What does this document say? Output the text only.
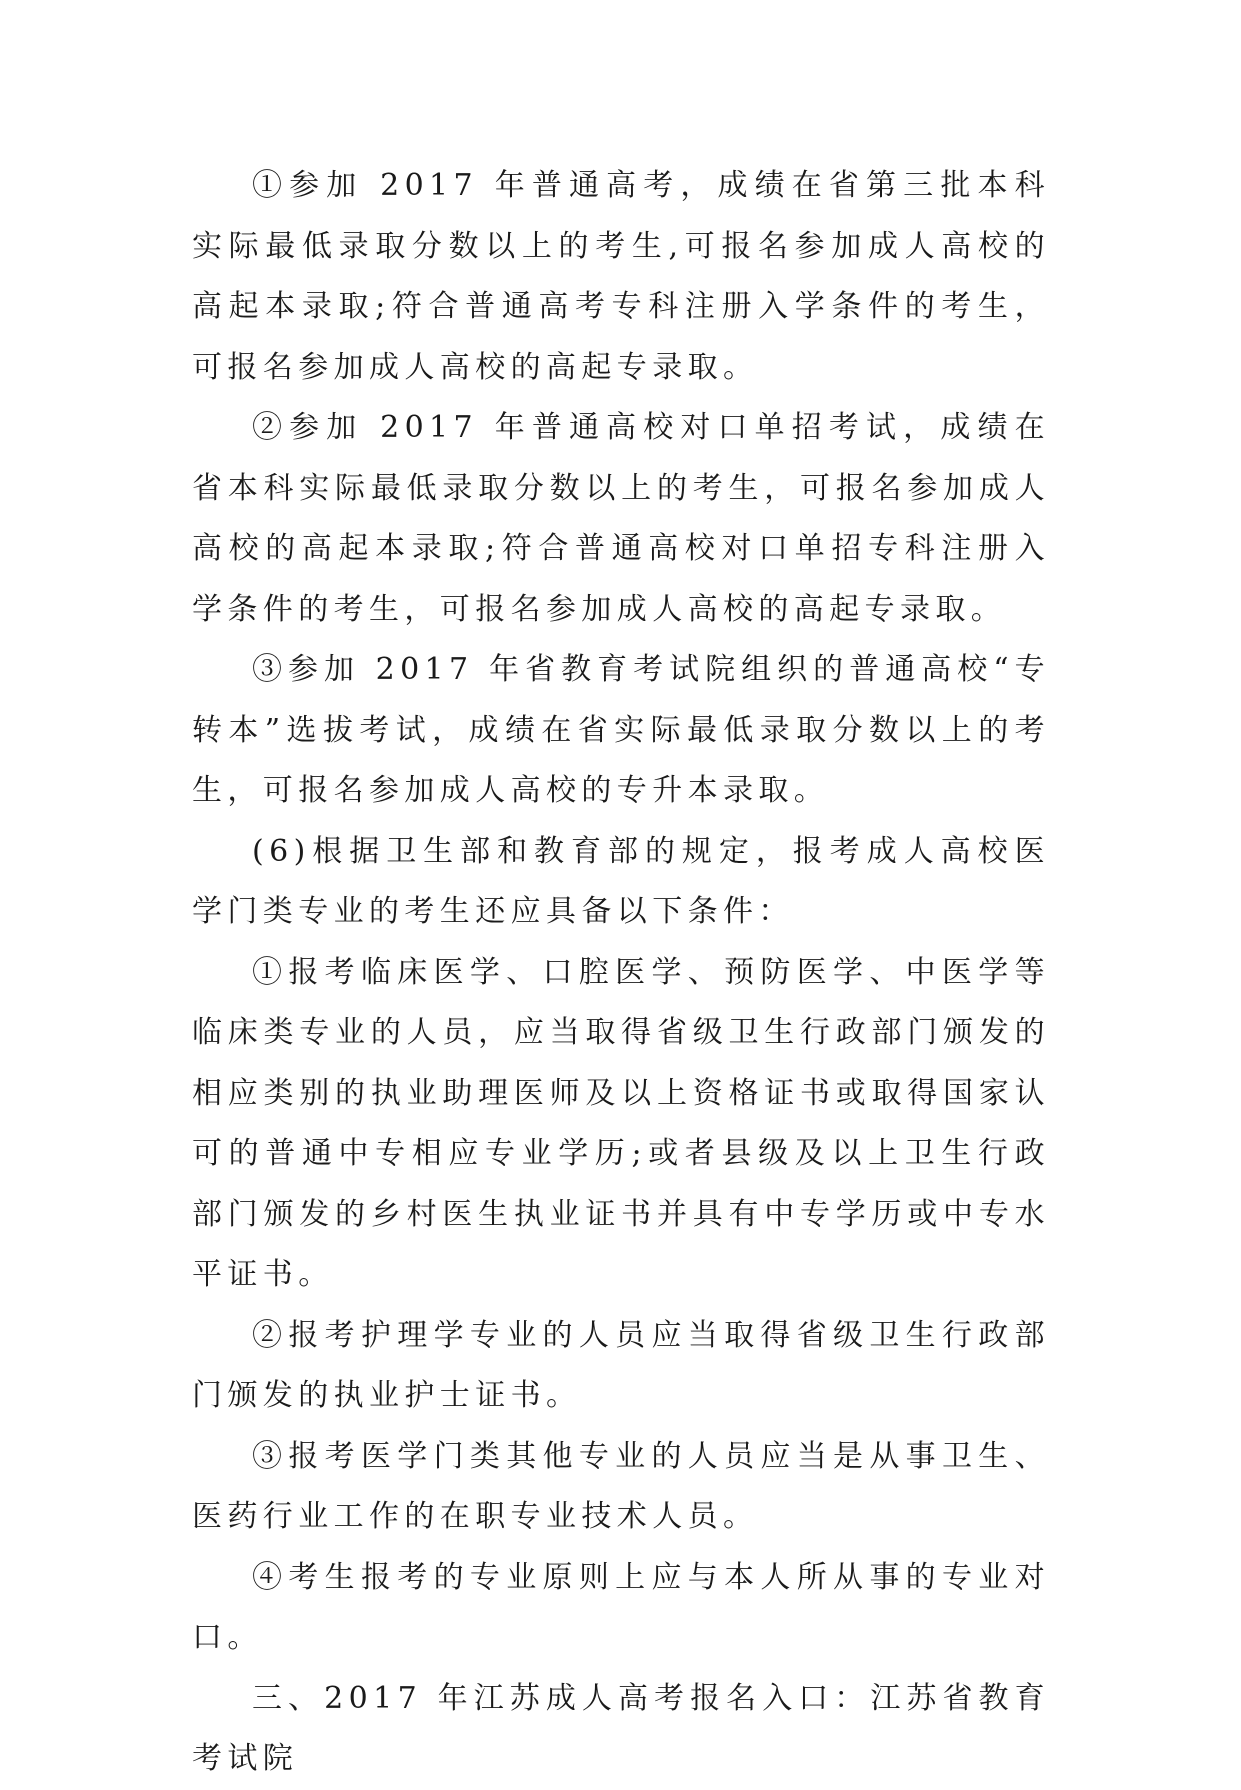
①参加 2017 年普通高考，成绩在省第三批本科实际最低录取分数以上的考生,可报名参加成人高校的高起本录取;符合普通高考专科注册入学条件的考生，可报名参加成人高校的高起专录取。

②参加 2017 年普通高校对口单招考试，成绩在省本科实际最低录取分数以上的考生，可报名参加成人高校的高起本录取;符合普通高校对口单招专科注册入学条件的考生，可报名参加成人高校的高起专录取。

③参加 2017 年省教育考试院组织的普通高校“专转本”选拔考试，成绩在省实际最低录取分数以上的考生，可报名参加成人高校的专升本录取。

(6)根据卫生部和教育部的规定，报考成人高校医学门类专业的考生还应具备以下条件：

①报考临床医学、口腔医学、预防医学、中医学等临床类专业的人员，应当取得省级卫生行政部门颁发的相应类别的执业助理医师及以上资格证书或取得国家认可的普通中专相应专业学历;或者县级及以上卫生行政部门颁发的乡村医生执业证书并具有中专学历或中专水平证书。

②报考护理学专业的人员应当取得省级卫生行政部门颁发的执业护士证书。

③报考医学门类其他专业的人员应当是从事卫生、医药行业工作的在职专业技术人员。

④考生报考的专业原则上应与本人所从事的专业对口。

三、2017 年江苏成人高考报名入口：江苏省教育考试院
